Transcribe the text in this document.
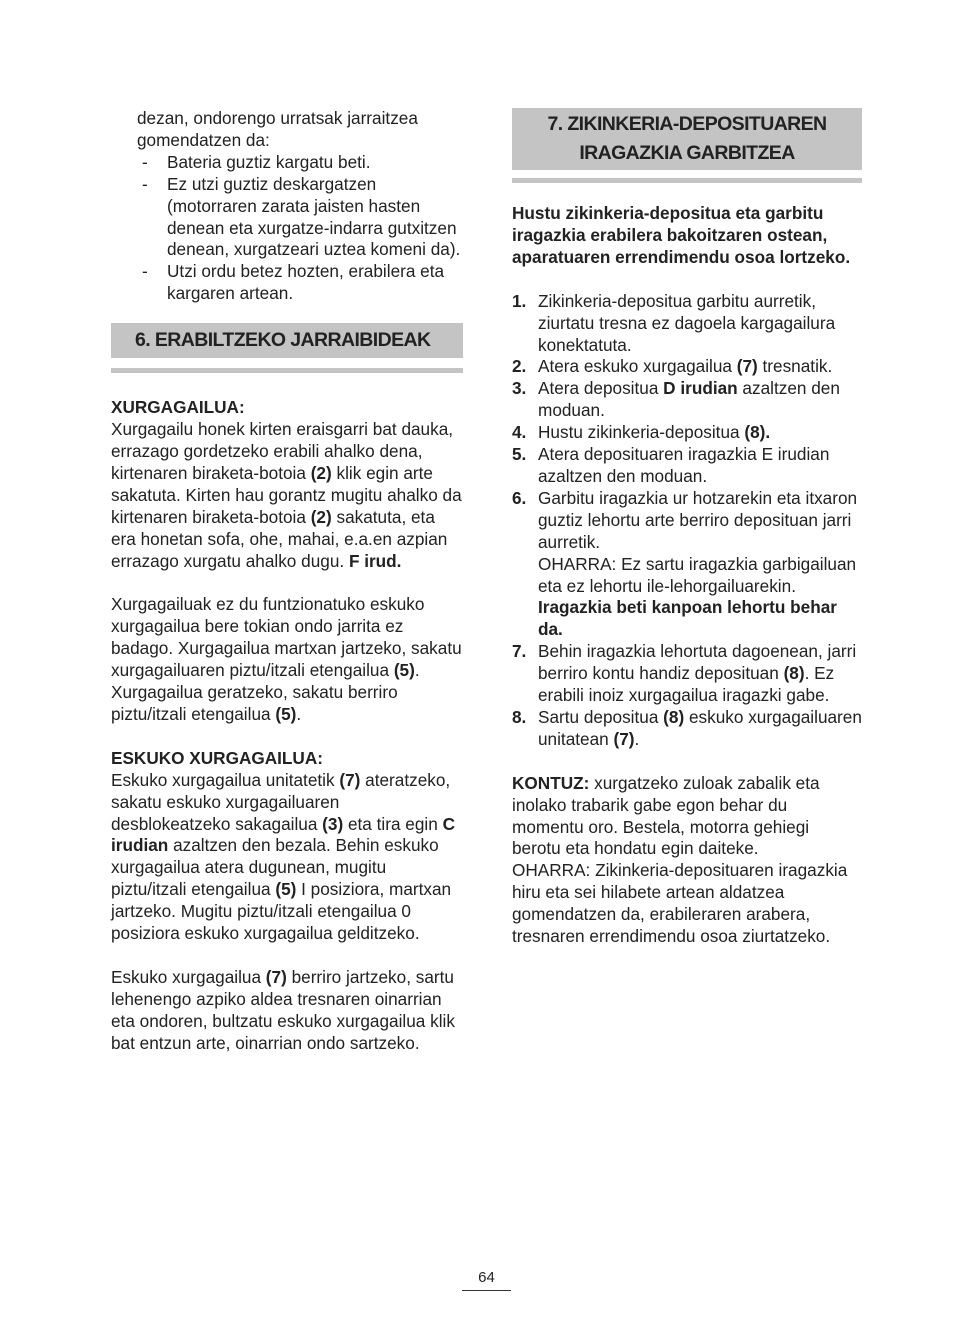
dezan, ondorengo urratsak jarraitzea gomendatzen da:

- Bateria guztiz kargatu beti.
- Ez utzi guztiz deskargatzen (motorraren zarata jaisten hasten denean eta xurgatze-indarra gutxitzen denean, xurgatzeari uztea komeni da).
- Utzi ordu betez hozten, erabilera eta kargaren artean.
6. ERABILTZEKO JARRAIBIDEAK

XURGAGAILUA:

Xurgagailu honek kirten eraisgarri bat dauka, errazago gordetzeko erabili ahalko dena, kirtenaren biraketa-botoia (2) klik egin arte sakatuta. Kirten hau gorantz mugitu ahalko da kirtenaren biraketa-botoia (2) sakatuta, eta era honetan sofa, ohe, mahai, e.a.en azpian errazago xurgatu ahalko dugu. F irud.

Xurgagailuak ez du funtzionatuko eskuko xurgagailua bere tokian ondo jarrita ez badago. Xurgagailua martxan jartzeko, sakatu xurgagailuaren piztu/itzali etengailua (5). Xurgagailua geratzeko, sakatu berriro piztu/itzali etengailua (5).

ESKUKO XURGAGAILUA:

Eskuko xurgagailua unitatetik (7) ateratzeko, sakatu eskuko xurgagailuaren desblokeatzeko sakagailua (3) eta tira egin C irudian azaltzen den bezala. Behin eskuko xurgagailua atera dugunean, mugitu piztu/itzali etengailua (5) I posiziora, martxan jartzeko. Mugitu piztu/itzali etengailua 0 posiziora eskuko xurgagailua gelditzeko.

Eskuko xurgagailua (7) berriro jartzeko, sartu lehenengo azpiko aldea tresnaren oinarrian eta ondoren, bultzatu eskuko xurgagailua klik bat entzun arte, oinarrian ondo sartzeko.

7. ZIKINKERIA-DEPOSITUAREN
IRAGAZKIA GARBITZEA

Hustu zikinkeria-depositua eta garbitu iragazkia erabilera bakoitzaren ostean, aparatuaren errendimendu osoa lortzeko.

1. Zikinkeria-depositua garbitu aurretik, ziurtatu tresna ez dagoela kargagailura konektatuta.
2. Atera eskuko xurgagailua (7) tresnatik.
3. Atera depositua D irudian azaltzen den moduan.
4. Hustu zikinkeria-depositua (8).
5. Atera deposituaren iragazkia E irudian azaltzen den moduan.
6. Garbitu iragazkia ur hotzarekin eta itxaron guztiz lehortu arte berriro deposituan jarri aurretik.
OHARRA: Ez sartu iragazkia garbigailuan eta ez lehortu ile-lehorgailuarekin. Iragazkia beti kanpoan lehortu behar da.
7. Behin iragazkia lehortuta dagoenean, jarri berriro kontu handiz deposituan (8). Ez erabili inoiz xurgagailua iragazki gabe.
8. Sartu depositua (8) eskuko xurgagailuaren unitatean (7).

KONTUZ: xurgatzeko zuloak zabalik eta inolako trabarik gabe egon behar du momentu oro. Bestela, motorra gehiegi berotu eta hondatu egin daiteke.

OHARRA: Zikinkeria-deposituaren iragazkia hiru eta sei hilabete artean aldatzea gomendatzen da, erabileraren arabera, tresnaren errendimendu osoa ziurtatzeko.

64
